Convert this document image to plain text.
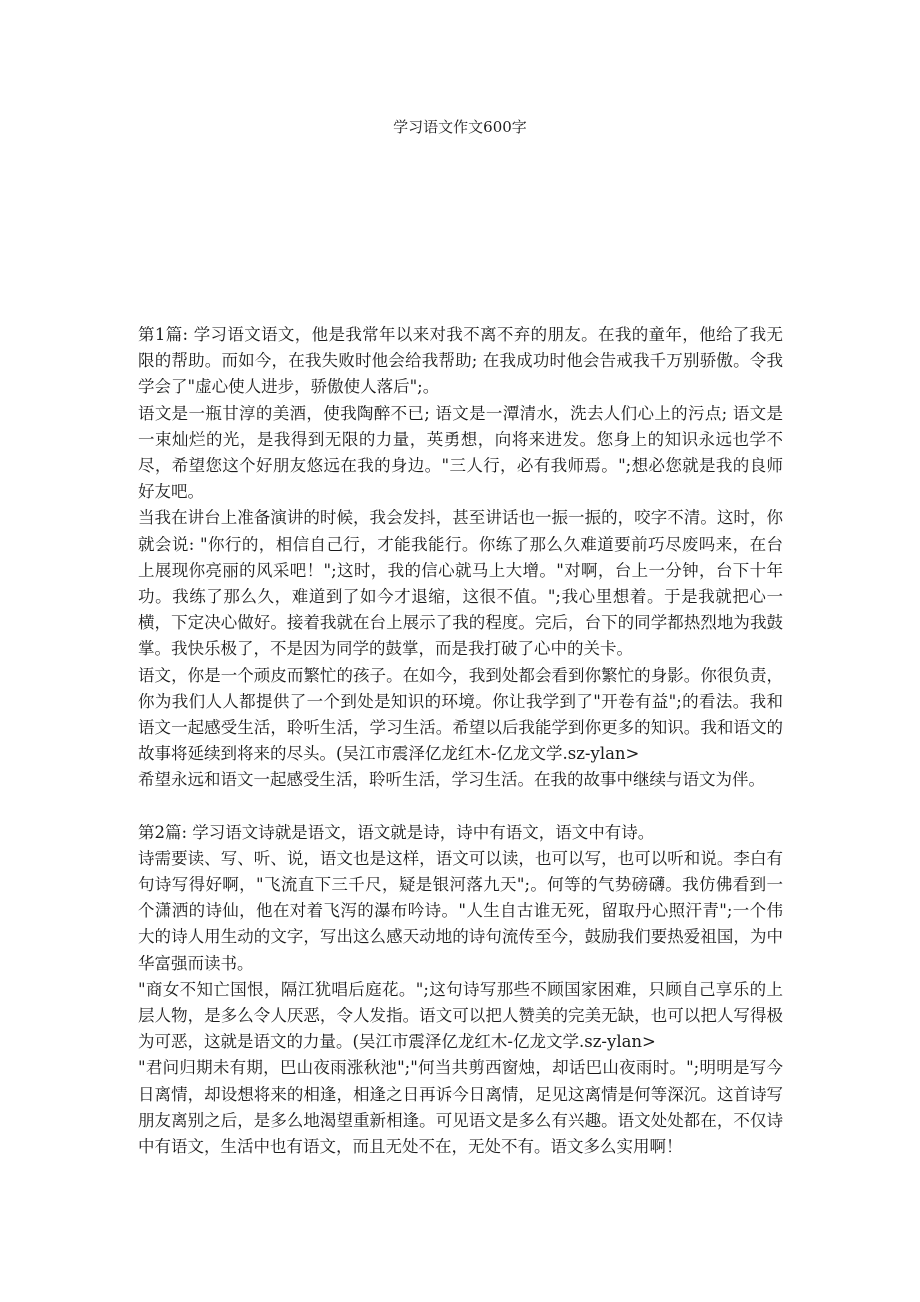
学习语文作文600字

第1篇: 学习语文语文，他是我常年以来对我不离不弃的朋友。在我的童年，他给了我无限的帮助。而如今，在我失败时他会给我帮助; 在我成功时他会告戒我千万别骄傲。令我学会了"虚心使人进步，骄傲使人落后";。

语文是一瓶甘淳的美酒，使我陶醉不已; 语文是一潭清水，洗去人们心上的污点; 语文是一束灿烂的光，是我得到无限的力量，英勇想，向将来进发。您身上的知识永远也学不尽，希望您这个好朋友悠远在我的身边。"三人行，必有我师焉。";想必您就是我的良师好友吧。

当我在讲台上准备演讲的时候，我会发抖，甚至讲话也一振一振的，咬字不清。这时，你就会说: "你行的，相信自己行，才能我能行。你练了那么久难道要前巧尽废吗来，在台上展现你亮丽的风采吧！";这时，我的信心就马上大增。"对啊，台上一分钟，台下十年功。我练了那么久，难道到了如今才退缩，这很不值。";我心里想着。于是我就把心一横，下定决心做好。接着我就在台上展示了我的程度。完后，台下的同学都热烈地为我鼓掌。我快乐极了，不是因为同学的鼓掌，而是我打破了心中的关卡。

语文，你是一个顽皮而繁忙的孩子。在如今，我到处都会看到你繁忙的身影。你很负责，你为我们人人都提供了一个到处是知识的环境。你让我学到了"开卷有益";的看法。我和语文一起感受生活，聆听生活，学习生活。希望以后我能学到你更多的知识。我和语文的故事将延续到将来的尽头。(吴江市震泽亿龙红木-亿龙文学.sz-ylan>

希望永远和语文一起感受生活，聆听生活，学习生活。在我的故事中继续与语文为伴。

第2篇: 学习语文诗就是语文，语文就是诗，诗中有语文，语文中有诗。

诗需要读、写、听、说，语文也是这样，语文可以读，也可以写，也可以听和说。李白有句诗写得好啊，"飞流直下三千尺，疑是银河落九天";。何等的气势磅礴。我仿佛看到一个潇洒的诗仙，他在对着飞泻的瀑布吟诗。"人生自古谁无死，留取丹心照汗青";一个伟大的诗人用生动的文字，写出这么感天动地的诗句流传至今，鼓励我们要热爱祖国，为中华富强而读书。

"商女不知亡国恨，隔江犹唱后庭花。";这句诗写那些不顾国家困难，只顾自己享乐的上层人物，是多么令人厌恶，令人发指。语文可以把人赞美的完美无缺，也可以把人写得极为可恶，这就是语文的力量。(吴江市震泽亿龙红木-亿龙文学.sz-ylan>

"君问归期未有期，巴山夜雨涨秋池";"何当共剪西窗烛，却话巴山夜雨时。";明明是写今日离情，却设想将来的相逢，相逢之日再诉今日离情，足见这离情是何等深沉。这首诗写朋友离别之后，是多么地渴望重新相逢。可见语文是多么有兴趣。语文处处都在，不仅诗中有语文，生活中也有语文，而且无处不在，无处不有。语文多么实用啊！
